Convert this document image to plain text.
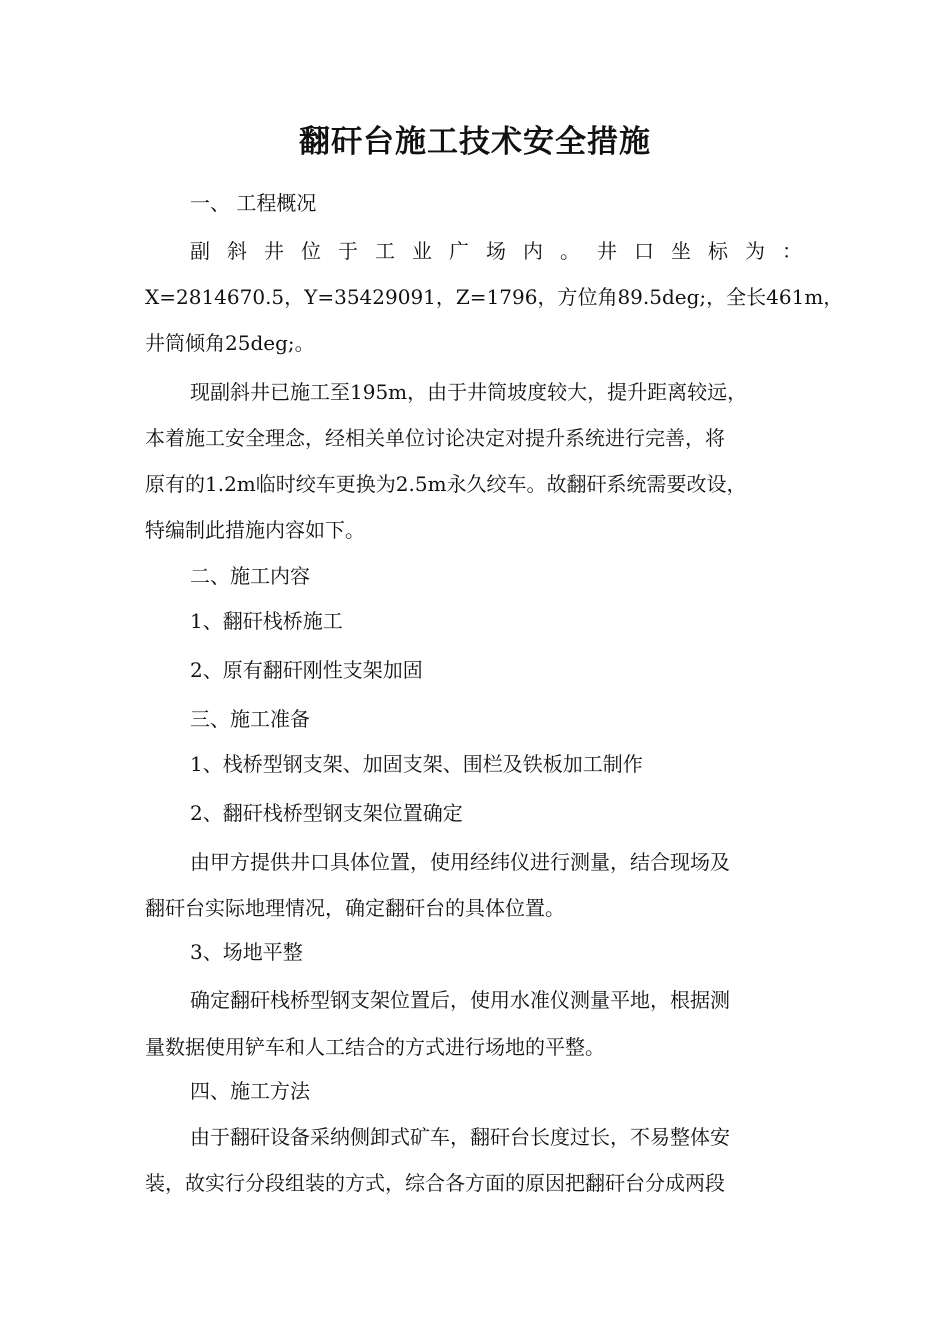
翻矸台施工技术安全措施

一、 工程概况

副 斜 井 位 于 工 业 广 场 内 。 井 口 坐 标 为 ：

X=2814670.5，Y=35429091，Z=1796，方位角89.5deg;，全长461m，

井筒倾角25deg;。

现副斜井已施工至195m，由于井筒坡度较大，提升距离较远，

本着施工安全理念，经相关单位讨论决定对提升系统进行完善，将

原有的1.2m临时绞车更换为2.5m永久绞车。故翻矸系统需要改设，

特编制此措施内容如下。

二、施工内容

1、翻矸栈桥施工

2、原有翻矸刚性支架加固

三、施工准备

1、栈桥型钢支架、加固支架、围栏及铁板加工制作

2、翻矸栈桥型钢支架位置确定

由甲方提供井口具体位置，使用经纬仪进行测量，结合现场及

翻矸台实际地理情况，确定翻矸台的具体位置。

3、场地平整

确定翻矸栈桥型钢支架位置后，使用水准仪测量平地，根据测

量数据使用铲车和人工结合的方式进行场地的平整。

四、施工方法

由于翻矸设备采纳侧卸式矿车，翻矸台长度过长，不易整体安

装，故实行分段组装的方式，综合各方面的原因把翻矸台分成两段
